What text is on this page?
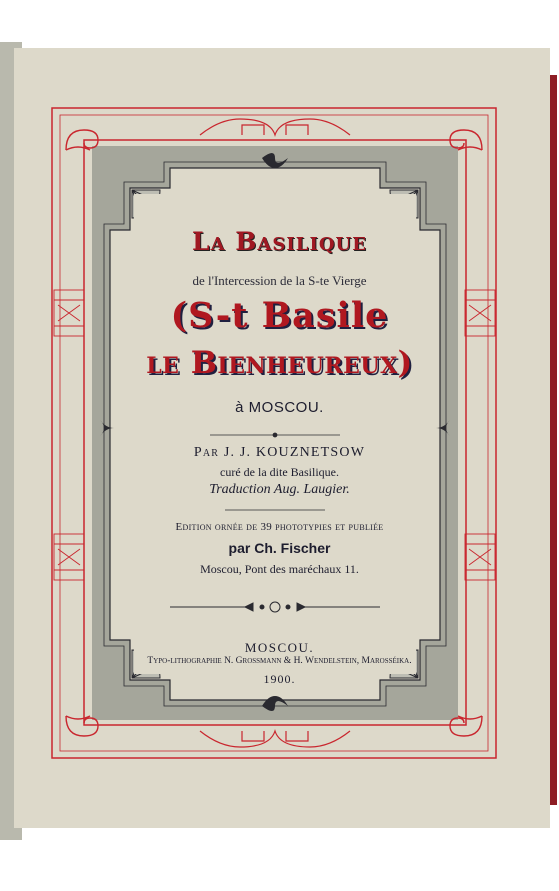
La Basilique
de l'Intercession de la S-te Vierge
(S-t Basile
le Bienheureux)
à MOSCOU.
Par J. J. KOUZNETSOW
curé de la dite Basilique.
Traduction Aug. Laugier.
Edition ornée de 39 phototypies et publiée
par Ch. Fischer
Moscou, Pont des maréchaux 11.
MOSCOU.
Typo-lithographie N. Grossmann & H. Wendelstein, Marosséika.
1900.
